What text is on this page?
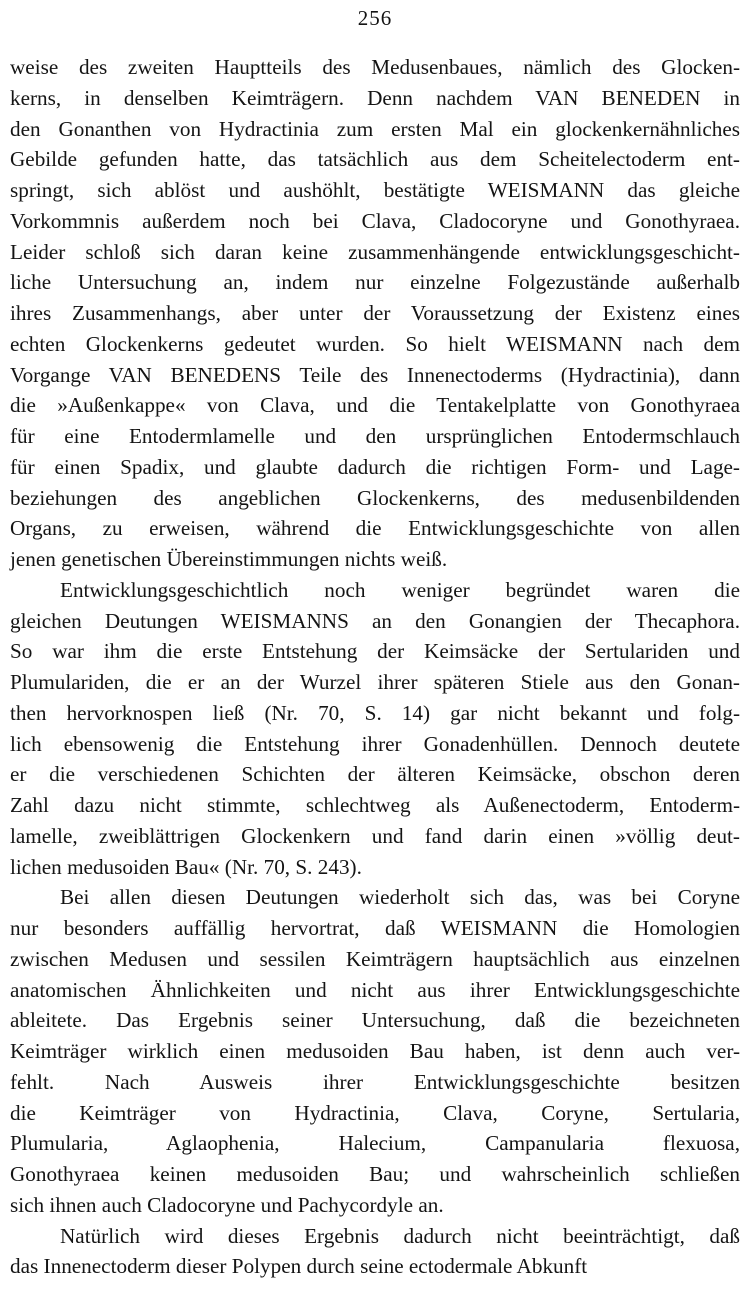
256
weise des zweiten Hauptteils des Medusenbaues, nämlich des Glocken-
kerns, in denselben Keimträgern. Denn nachdem VAN BENEDEN in
den Gonanthen von Hydractinia zum ersten Mal ein glockenkernähnliches
Gebilde gefunden hatte, das tatsächlich aus dem Scheitelectoderm ent-
springt, sich ablöst und aushöhlt, bestätigte WEISMANN das gleiche
Vorkommnis außerdem noch bei Clava, Cladocoryne und Gonothyraea.
Leider schloß sich daran keine zusammenhängende entwicklungsgeschicht-
liche Untersuchung an, indem nur einzelne Folgezustände außerhalb
ihres Zusammenhangs, aber unter der Voraussetzung der Existenz eines
echten Glockenkerns gedeutet wurden. So hielt WEISMANN nach dem
Vorgange VAN BENEDENS Teile des Innenectoderms (Hydractinia), dann
die »Außenkappe« von Clava, und die Tentakelplatte von Gonothyraea
für eine Entodermlamelle und den ursprünglichen Entodermschlauch
für einen Spadix, und glaubte dadurch die richtigen Form- und Lage-
beziehungen des angeblichen Glockenkerns, des medusenbildenden
Organs, zu erweisen, während die Entwicklungsgeschichte von allen
jenen genetischen Übereinstimmungen nichts weiß.
Entwicklungsgeschichtlich noch weniger begründet waren die
gleichen Deutungen WEISMANNS an den Gonangien der Thecaphora.
So war ihm die erste Entstehung der Keimsäcke der Sertulariden und
Plumulariden, die er an der Wurzel ihrer späteren Stiele aus den Gonan-
then hervorknospen ließ (Nr. 70, S. 14) gar nicht bekannt und folg-
lich ebensowenig die Entstehung ihrer Gonadenhüllen. Dennoch deutete
er die verschiedenen Schichten der älteren Keimsäcke, obschon deren
Zahl dazu nicht stimmte, schlechtweg als Außenectoderm, Entoderm-
lamelle, zweiblättrigen Glockenkern und fand darin einen »völlig deut-
lichen medusoiden Bau« (Nr. 70, S. 243).
Bei allen diesen Deutungen wiederholt sich das, was bei Coryne
nur besonders auffällig hervortrat, daß WEISMANN die Homologien
zwischen Medusen und sessilen Keimträgern hauptsächlich aus einzelnen
anatomischen Ähnlichkeiten und nicht aus ihrer Entwicklungsgeschichte
ableitete. Das Ergebnis seiner Untersuchung, daß die bezeichneten
Keimträger wirklich einen medusoiden Bau haben, ist denn auch ver-
fehlt. Nach Ausweis ihrer Entwicklungsgeschichte besitzen
die Keimträger von Hydractinia, Clava, Coryne, Sertularia,
Plumularia, Aglaophenia, Halecium, Campanularia flexuosa,
Gonothyraea keinen medusoiden Bau; und wahrscheinlich schließen
sich ihnen auch Cladocoryne und Pachycordyle an.
Natürlich wird dieses Ergebnis dadurch nicht beeinträchtigt, daß
das Innenectoderm dieser Polypen durch seine ectodermale Abkunft
